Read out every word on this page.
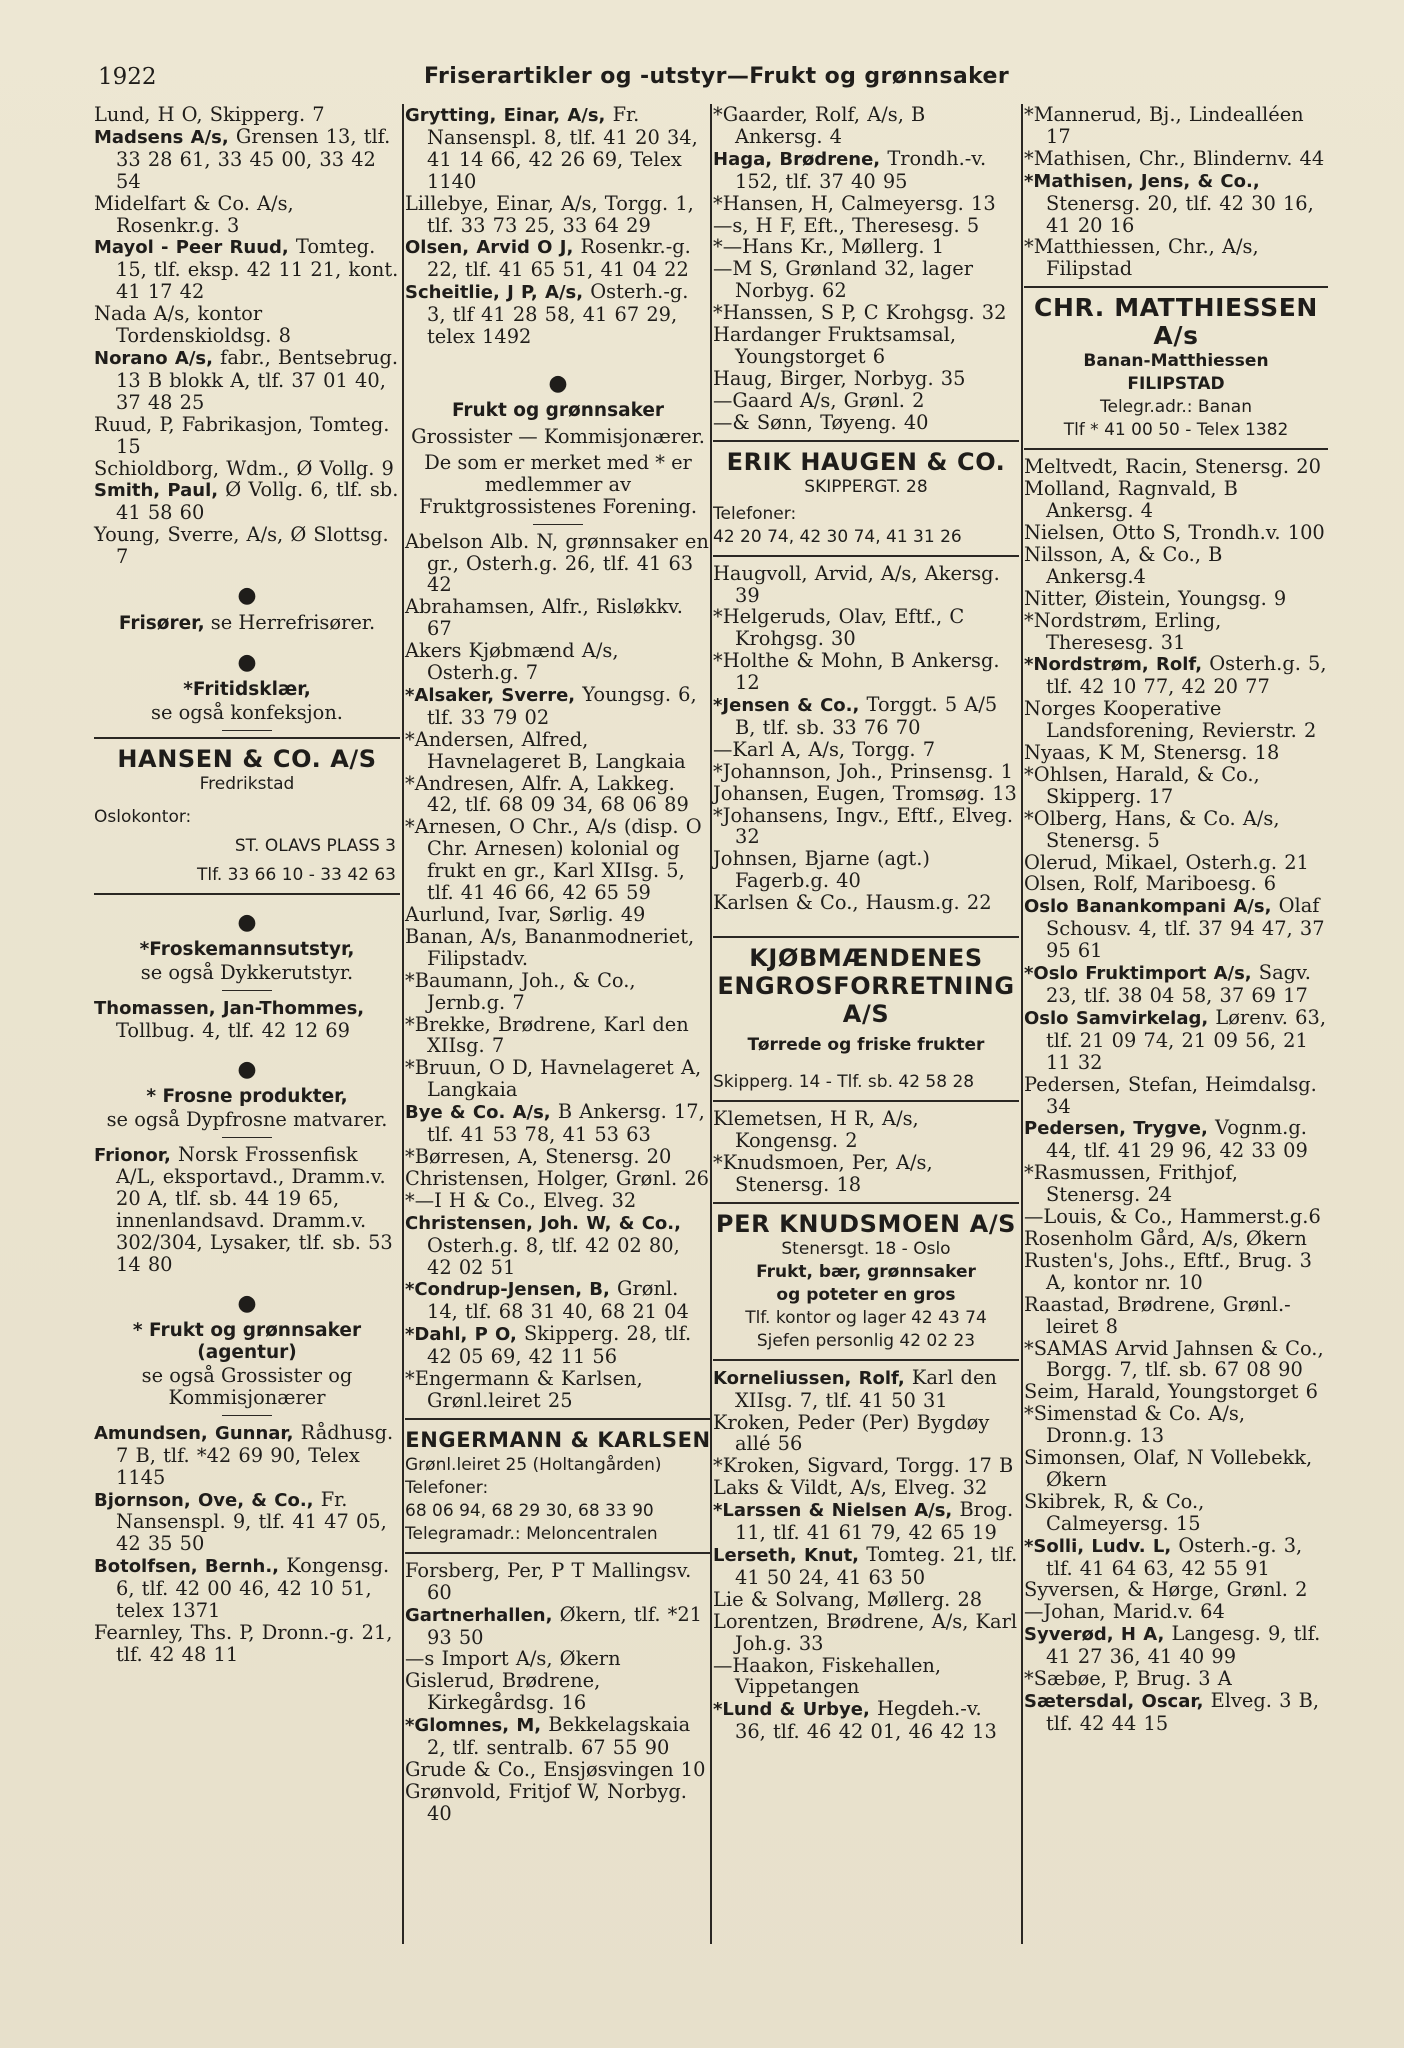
1922	Friserartikler og -utstyr—Frukt og grønnsaker

Lund, H O, Skipperg. 7

Madsens A/s, Grensen 13, tlf. 33 28 61, 33 45 00, 33 42 54

Midelfart & Co. A/s, Rosenkr.g. 3

Mayol - Peer Ruud, Tomteg. 15, tlf. eksp. 42 11 21, kont. 41 17 42

Nada A/s, kontor Tordenskioldsg. 8

Norano A/s, fabr., Bentsebrug. 13 B blokk A, tlf. 37 01 40, 37 48 25

Ruud, P, Fabrikasjon, Tomteg. 15

Schioldborg, Wdm., Ø Vollg. 9

Smith, Paul, Ø Vollg. 6, tlf. sb. 41 58 60

Young, Sverre, A/s, Ø Slottsg. 7

●
Frisører, se Herrefrisører.
●
*Fritidsklær,
se også konfeksjon.
HANSEN & CO. A/S
Fredrikstad
Oslokontor:
ST. OLAVS PLASS 3
Tlf. 33 66 10 - 33 42 63
●
*Froskemannsutstyr,
se også Dykkerutstyr.

Thomassen, Jan-Thommes, Tollbug. 4, tlf. 42 12 69

●
* Frosne produkter,
se også Dypfrosne matvarer.

Frionor, Norsk Frossenfisk A/L, eksportavd., Dramm.v. 20 A, tlf. sb. 44 19 65, innenlandsavd. Dramm.v. 302/304, Lysaker, tlf. sb. 53 14 80

●
* Frukt og grønnsaker (agentur)
se også Grossister og Kommisjonærer

Amundsen, Gunnar, Rådhusg. 7 B, tlf. *42 69 90, Telex 1145

Bjornson, Ove, & Co., Fr. Nansenspl. 9, tlf. 41 47 05, 42 35 50

Botolfsen, Bernh., Kongensg. 6, tlf. 42 00 46, 42 10 51, telex 1371

Fearnley, Ths. P, Dronn.-g. 21, tlf. 42 48 11

Grytting, Einar, A/s, Fr. Nansenspl. 8, tlf. 41 20 34, 41 14 66, 42 26 69, Telex 1140

Lillebye, Einar, A/s, Torgg. 1, tlf. 33 73 25, 33 64 29

Olsen, Arvid O J, Rosenkr.-g. 22, tlf. 41 65 51, 41 04 22

Scheitlie, J P, A/s, Osterh.-g. 3, tlf 41 28 58, 41 67 29, telex 1492

●
Frukt og grønnsaker
Grossister — Kommisjonærer.
De som er merket med * er medlemmer av Fruktgrossistenes Forening.

Abelson Alb. N, grønnsaker en gr., Osterh.g. 26, tlf. 41 63 42

Abrahamsen, Alfr., Risløkkv. 67

Akers Kjøbmænd A/s, Osterh.g. 7

*Alsaker, Sverre, Youngsg. 6, tlf. 33 79 02

*Andersen, Alfred, Havnelageret B, Langkaia

*Andresen, Alfr. A, Lakkeg. 42, tlf. 68 09 34, 68 06 89

*Arnesen, O Chr., A/s (disp. O Chr. Arnesen) kolonial og frukt en gr., Karl XIIsg. 5, tlf. 41 46 66, 42 65 59

Aurlund, Ivar, Sørlig. 49

Banan, A/s, Bananmodneriet, Filipstadv.

*Baumann, Joh., & Co., Jernb.g. 7

*Brekke, Brødrene, Karl den XIIsg. 7

*Bruun, O D, Havnelageret A, Langkaia

Bye & Co. A/s, B Ankersg. 17, tlf. 41 53 78, 41 53 63

*Børresen, A, Stenersg. 20

Christensen, Holger, Grønl. 26

*—I H & Co., Elveg. 32

Christensen, Joh. W, & Co., Osterh.g. 8, tlf. 42 02 80, 42 02 51

*Condrup-Jensen, B, Grønl. 14, tlf. 68 31 40, 68 21 04

*Dahl, P O, Skipperg. 28, tlf. 42 05 69, 42 11 56

*Engermann & Karlsen, Grønl.leiret 25

ENGERMANN & KARLSEN
Grønl.leiret 25 (Holtangården)
Telefoner:
68 06 94, 68 29 30, 68 33 90
Telegramadr.: Meloncentralen

Forsberg, Per, P T Mallingsv. 60

Gartnerhallen, Økern, tlf. *21 93 50

—s Import A/s, Økern

Gislerud, Brødrene, Kirkegårdsg. 16

*Glomnes, M, Bekkelagskaia 2, tlf. sentralb. 67 55 90

Grude & Co., Ensjøsvingen 10

Grønvold, Fritjof W, Norbyg. 40

*Gaarder, Rolf, A/s, B Ankersg. 4

Haga, Brødrene, Trondh.-v. 152, tlf. 37 40 95

*Hansen, H, Calmeyersg. 13

—s, H F, Eft., Theresesg. 5

*—Hans Kr., Møllerg. 1

—M S, Grønland 32, lager Norbyg. 62

*Hanssen, S P, C Krohgsg. 32

Hardanger Fruktsamsal, Youngstorget 6

Haug, Birger, Norbyg. 35

—Gaard A/s, Grønl. 2

—& Sønn, Tøyeng. 40

ERIK HAUGEN & CO.
SKIPPERGT. 28
Telefoner:
42 20 74, 42 30 74, 41 31 26

Haugvoll, Arvid, A/s, Akersg. 39

*Helgeruds, Olav, Eftf., C Krohgsg. 30

*Holthe & Mohn, B Ankersg. 12

*Jensen & Co., Torggt. 5 A/5 B, tlf. sb. 33 76 70

—Karl A, A/s, Torgg. 7

*Johannson, Joh., Prinsensg. 1

Johansen, Eugen, Tromsøg. 13

*Johansens, Ingv., Eftf., Elveg. 32

Johnsen, Bjarne (agt.) Fagerb.g. 40

Karlsen & Co., Hausm.g. 22

KJØBMÆNDENES
ENGROSFORRETNING A/S
Tørrede og friske frukter
Skipperg. 14 - Tlf. sb. 42 58 28

Klemetsen, H R, A/s, Kongensg. 2

*Knudsmoen, Per, A/s, Stenersg. 18

PER KNUDSMOEN A/S
Stenersgt. 18 - Oslo
Frukt, bær, grønnsaker
og poteter en gros
Tlf. kontor og lager 42 43 74
Sjefen personlig 42 02 23

Korneliussen, Rolf, Karl den XIIsg. 7, tlf. 41 50 31

Kroken, Peder (Per) Bygdøy allé 56

*Kroken, Sigvard, Torgg. 17 B

Laks & Vildt, A/s, Elveg. 32

*Larssen & Nielsen A/s, Brog. 11, tlf. 41 61 79, 42 65 19

Lerseth, Knut, Tomteg. 21, tlf. 41 50 24, 41 63 50

Lie & Solvang, Møllerg. 28

Lorentzen, Brødrene, A/s, Karl Joh.g. 33

—Haakon, Fiskehallen, Vippetangen

*Lund & Urbye, Hegdeh.-v. 36, tlf. 46 42 01, 46 42 13

*Mannerud, Bj., Lindealléen 17

*Mathisen, Chr., Blindernv. 44

*Mathisen, Jens, & Co., Stenersg. 20, tlf. 42 30 16, 41 20 16

*Matthiessen, Chr., A/s, Filipstad

CHR. MATTHIESSEN A/s
Banan-Matthiessen
FILIPSTAD
Telegr.adr.: Banan
Tlf * 41 00 50 - Telex 1382

Meltvedt, Racin, Stenersg. 20

Molland, Ragnvald, B Ankersg. 4

Nielsen, Otto S, Trondh.v. 100

Nilsson, A, & Co., B Ankersg.4

Nitter, Øistein, Youngsg. 9

*Nordstrøm, Erling, Theresesg. 31

*Nordstrøm, Rolf, Osterh.g. 5, tlf. 42 10 77, 42 20 77

Norges Kooperative Landsforening, Revierstr. 2

Nyaas, K M, Stenersg. 18

*Ohlsen, Harald, & Co., Skipperg. 17

*Olberg, Hans, & Co. A/s, Stenersg. 5

Olerud, Mikael, Osterh.g. 21

Olsen, Rolf, Mariboesg. 6

Oslo Banankompani A/s, Olaf Schousv. 4, tlf. 37 94 47, 37 95 61

*Oslo Fruktimport A/s, Sagv. 23, tlf. 38 04 58, 37 69 17

Oslo Samvirkelag, Lørenv. 63, tlf. 21 09 74, 21 09 56, 21 11 32

Pedersen, Stefan, Heimdalsg. 34

Pedersen, Trygve, Vognm.g. 44, tlf. 41 29 96, 42 33 09

*Rasmussen, Frithjof, Stenersg. 24

—Louis, & Co., Hammerst.g.6

Rosenholm Gård, A/s, Økern

Rusten's, Johs., Eftf., Brug. 3 A, kontor nr. 10

Raastad, Brødrene, Grønl.-leiret 8

*SAMAS Arvid Jahnsen & Co., Borgg. 7, tlf. sb. 67 08 90

Seim, Harald, Youngstorget 6

*Simenstad & Co. A/s, Dronn.g. 13

Simonsen, Olaf, N Vollebekk, Økern

Skibrek, R, & Co., Calmeyersg. 15

*Solli, Ludv. L, Osterh.-g. 3, tlf. 41 64 63, 42 55 91

Syversen, & Hørge, Grønl. 2

—Johan, Marid.v. 64

Syverød, H A, Langesg. 9, tlf. 41 27 36, 41 40 99

*Sæbøe, P, Brug. 3 A

Sætersdal, Oscar, Elveg. 3 B, tlf. 42 44 15
